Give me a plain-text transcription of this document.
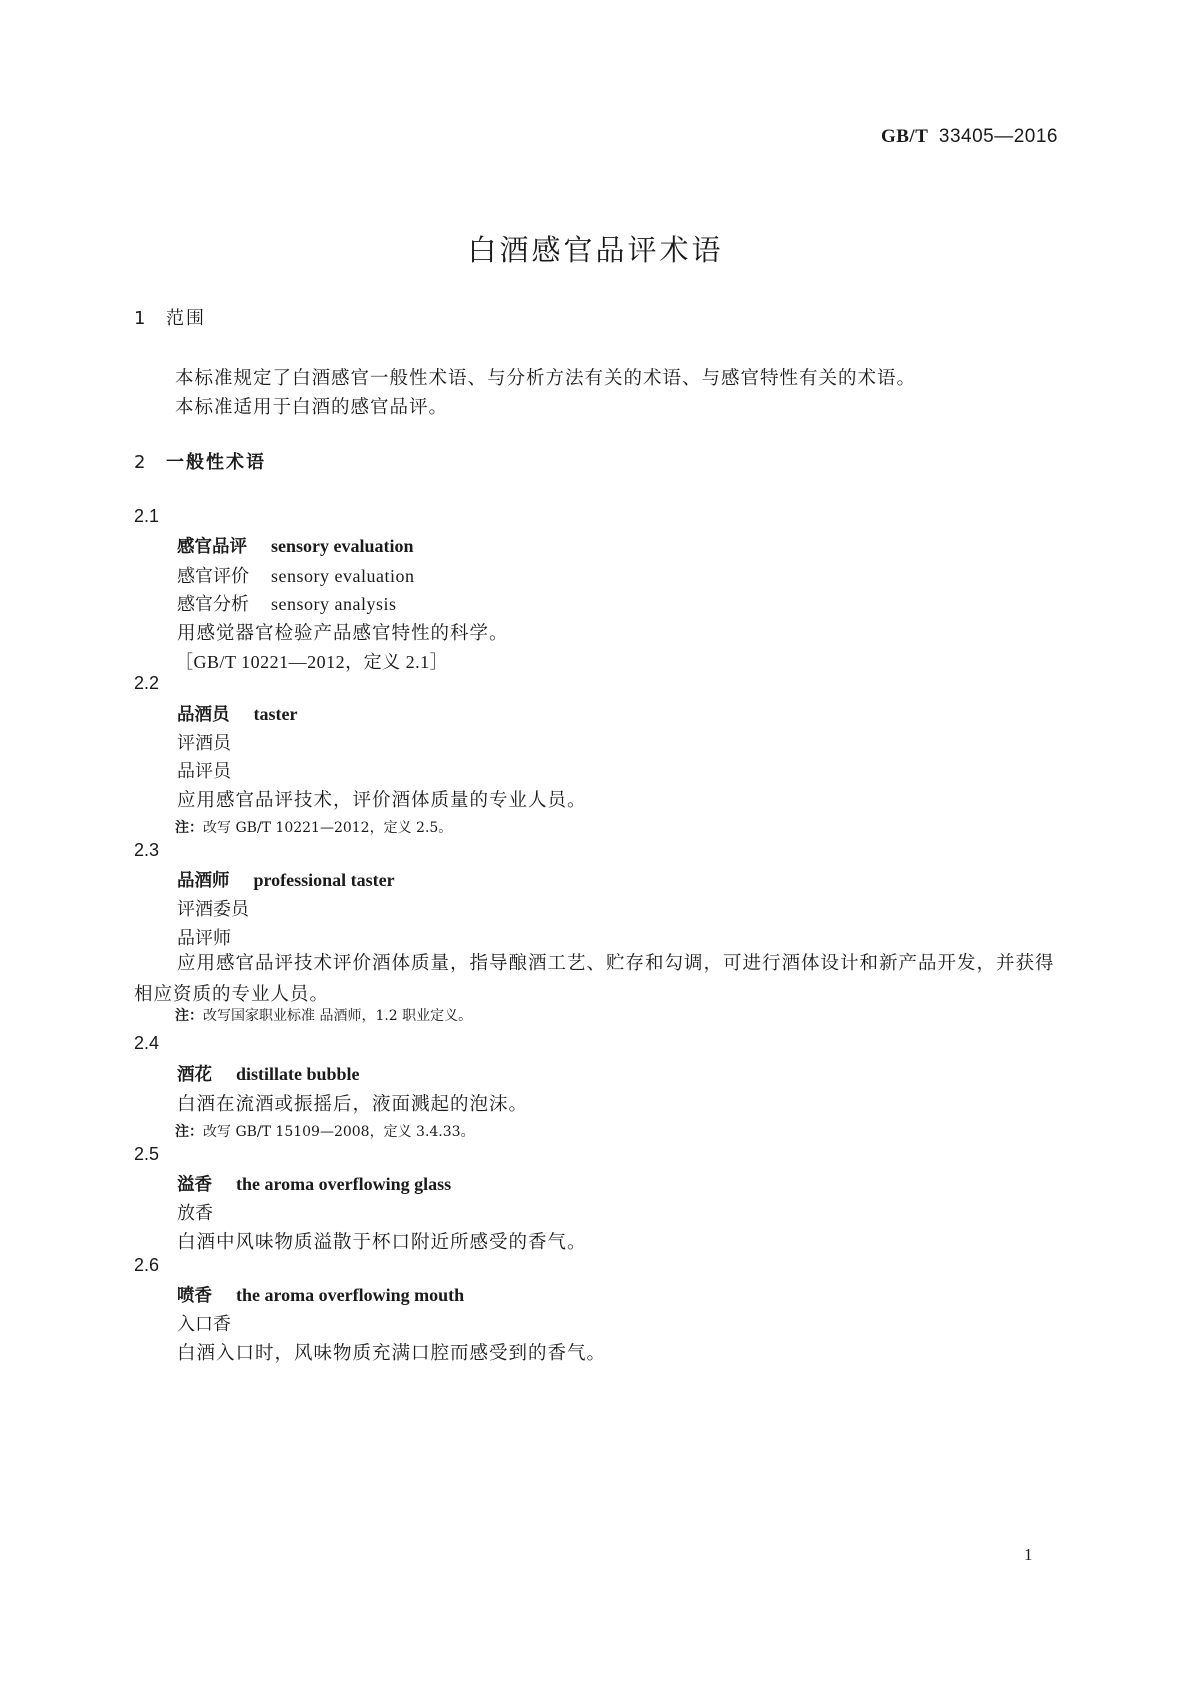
GB/T 33405—2016
白酒感官品评术语
1 范围
本标准规定了白酒感官一般性术语、与分析方法有关的术语、与感官特性有关的术语。
本标准适用于白酒的感官品评。
2 一般性术语
2.1
感官品评 sensory evaluation
感官评价 sensory evaluation
感官分析 sensory analysis
用感觉器官检验产品感官特性的科学。
［GB/T 10221—2012，定义 2.1］
2.2
品酒员 taster
评酒员
品评员
应用感官品评技术，评价酒体质量的专业人员。
注：改写 GB/T 10221—2012，定义 2.5。
2.3
品酒师 professional taster
评酒委员
品评师
应用感官品评技术评价酒体质量，指导酿酒工艺、贮存和勾调，可进行酒体设计和新产品开发，并获得相应资质的专业人员。
注：改写国家职业标准 品酒师，1.2 职业定义。
2.4
酒花 distillate bubble
白酒在流酒或振摇后，液面溅起的泡沫。
注：改写 GB/T 15109—2008，定义 3.4.33。
2.5
溢香 the aroma overflowing glass
放香
白酒中风味物质溢散于杯口附近所感受的香气。
2.6
喷香 the aroma overflowing mouth
入口香
白酒入口时，风味物质充满口腔而感受到的香气。
1
